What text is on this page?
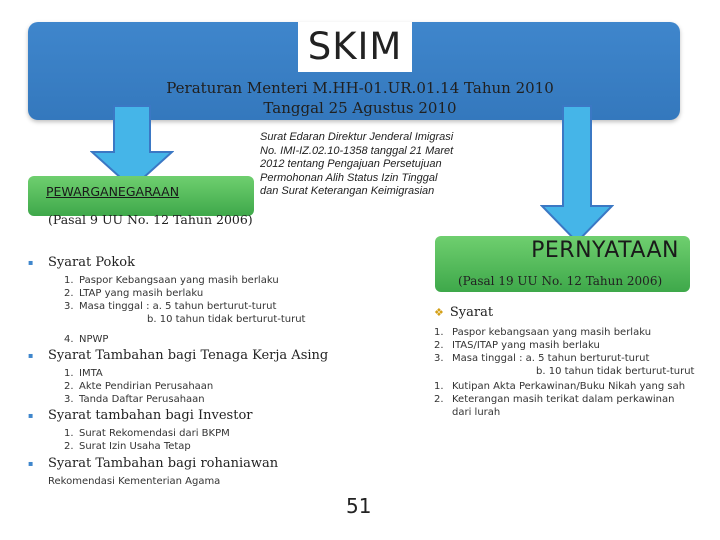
SKIM
Peraturan Menteri M.HH-01.UR.01.14 Tahun 2010
Tanggal 25 Agustus 2010
PEWARGANEGARAAN
(Pasal 9 UU No. 12 Tahun 2006)
Surat Edaran Direktur Jenderal Imigrasi
No. IMI-IZ.02.10-1358 tanggal 21 Maret
2012 tentang Pengajuan Persetujuan
Permohonan Alih Status Izin Tinggal
dan Surat Keterangan Keimigrasian
PERNYATAAN
(Pasal 19 UU No. 12 Tahun 2006)
▪ Syarat Pokok
1. Paspor Kebangsaan yang masih berlaku
2. LTAP yang masih berlaku
3. Masa tinggal : a. 5 tahun berturut-turut
b. 10 tahun tidak berturut-turut
4. NPWP
▪ Syarat Tambahan bagi Tenaga Kerja Asing
1. IMTA
2. Akte Pendirian Perusahaan
3. Tanda Daftar Perusahaan
▪ Syarat tambahan bagi Investor
1. Surat Rekomendasi dari BKPM
2. Surat Izin Usaha Tetap
▪ Syarat Tambahan bagi rohaniawan
Rekomendasi Kementerian Agama
❖ Syarat
1. Paspor kebangsaan yang masih berlaku
2. ITAS/ITAP yang masih berlaku
3. Masa tinggal : a. 5 tahun berturut-turut
b. 10 tahun tidak berturut-turut
1. Kutipan Akta Perkawinan/Buku Nikah yang sah
2. Keterangan masih terikat dalam perkawinan
dari lurah
51
